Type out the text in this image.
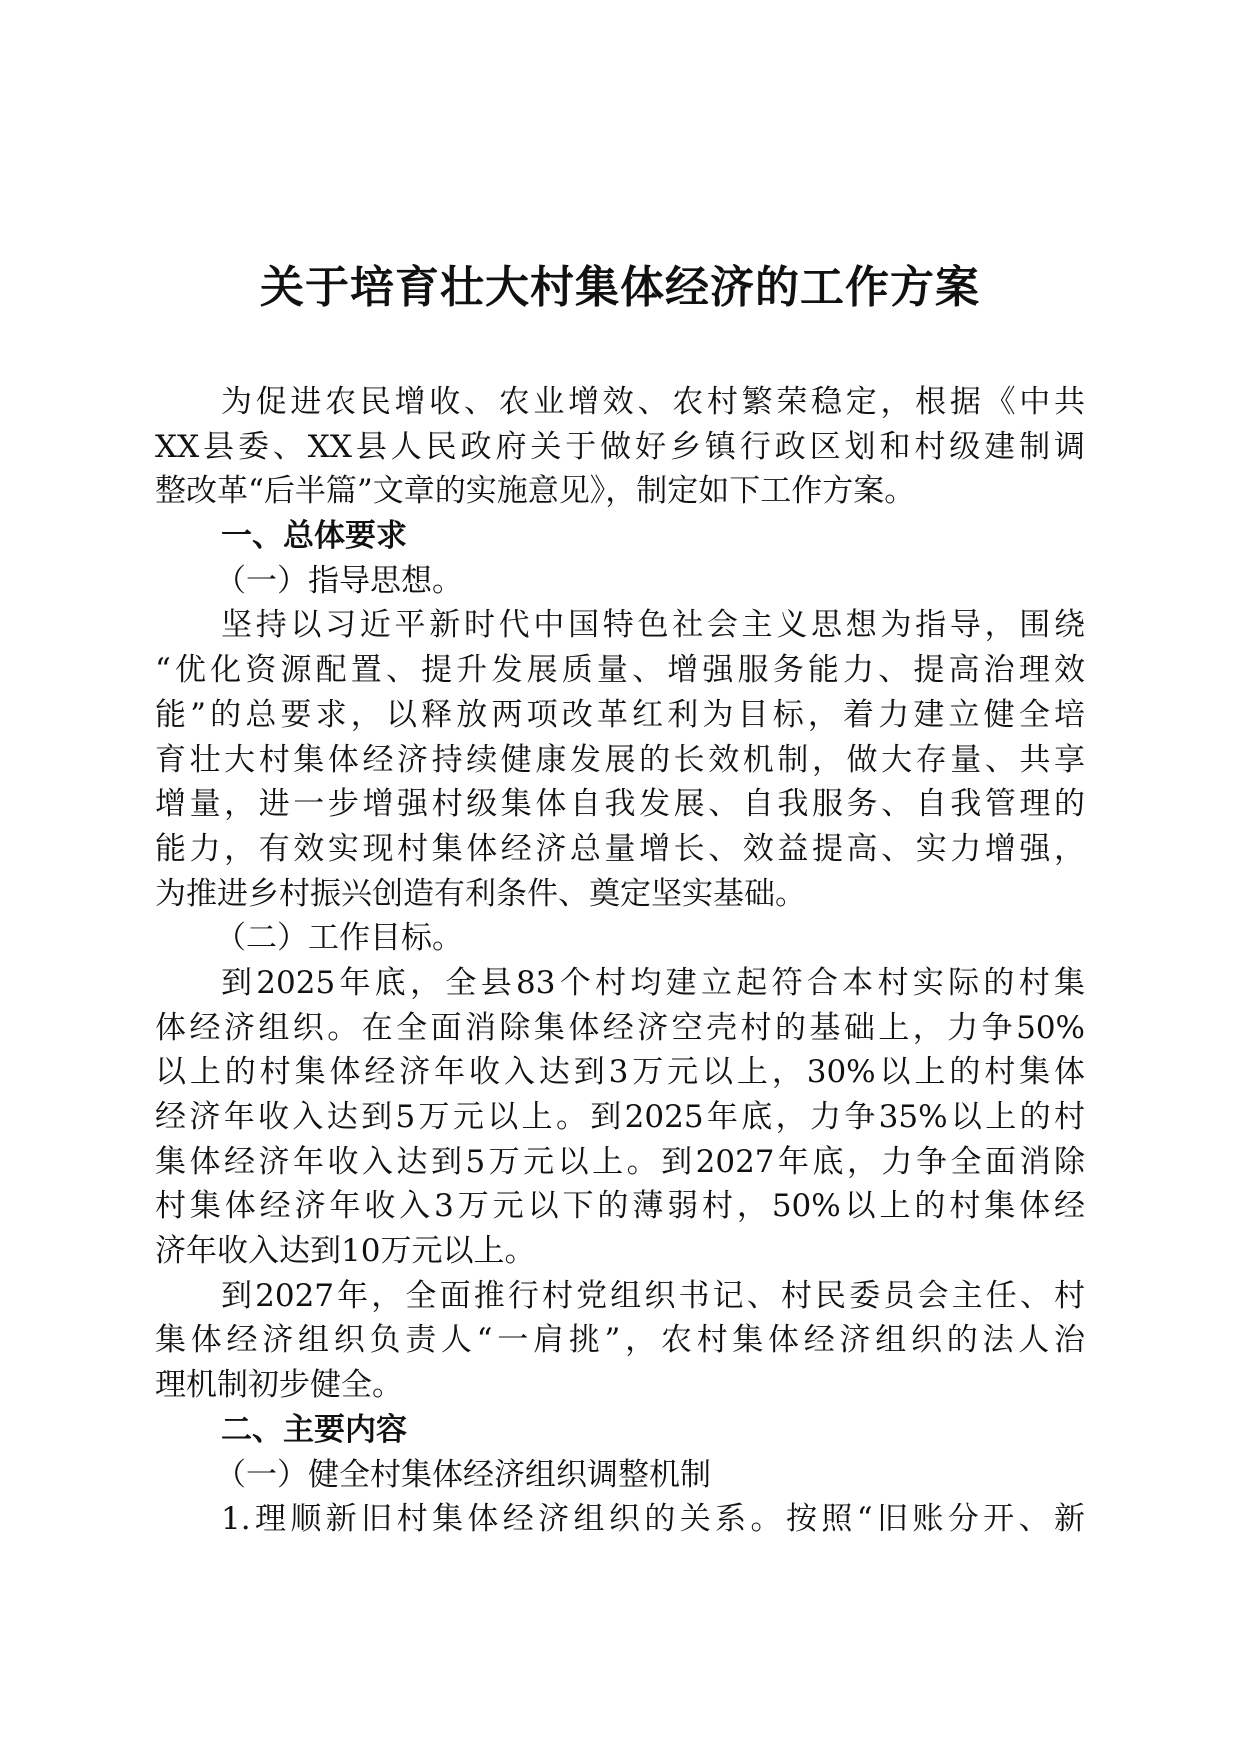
关于培育壮大村集体经济的工作方案
为促进农民增收、农业增效、农村繁荣稳定，根据《中共
XX县委、XX县人民政府关于做好乡镇行政区划和村级建制调
整改革“后半篇”文章的实施意见》，制定如下工作方案。
一、总体要求
（一）指导思想。
坚持以习近平新时代中国特色社会主义思想为指导，围绕
“优化资源配置、提升发展质量、增强服务能力、提高治理效
能”的总要求，以释放两项改革红利为目标，着力建立健全培
育壮大村集体经济持续健康发展的长效机制，做大存量、共享
增量，进一步增强村级集体自我发展、自我服务、自我管理的
能力，有效实现村集体经济总量增长、效益提高、实力增强，
为推进乡村振兴创造有利条件、奠定坚实基础。
（二）工作目标。
到2025年底，全县83个村均建立起符合本村实际的村集
体经济组织。在全面消除集体经济空壳村的基础上，力争50%
以上的村集体经济年收入达到3万元以上，30%以上的村集体
经济年收入达到5万元以上。到2025年底，力争35%以上的村
集体经济年收入达到5万元以上。到2027年底，力争全面消除
村集体经济年收入3万元以下的薄弱村，50%以上的村集体经
济年收入达到10万元以上。
到2027年，全面推行村党组织书记、村民委员会主任、村
集体经济组织负责人“一肩挑”，农村集体经济组织的法人治
理机制初步健全。
二、主要内容
（一）健全村集体经济组织调整机制
1.理顺新旧村集体经济组织的关系。按照“旧账分开、新
